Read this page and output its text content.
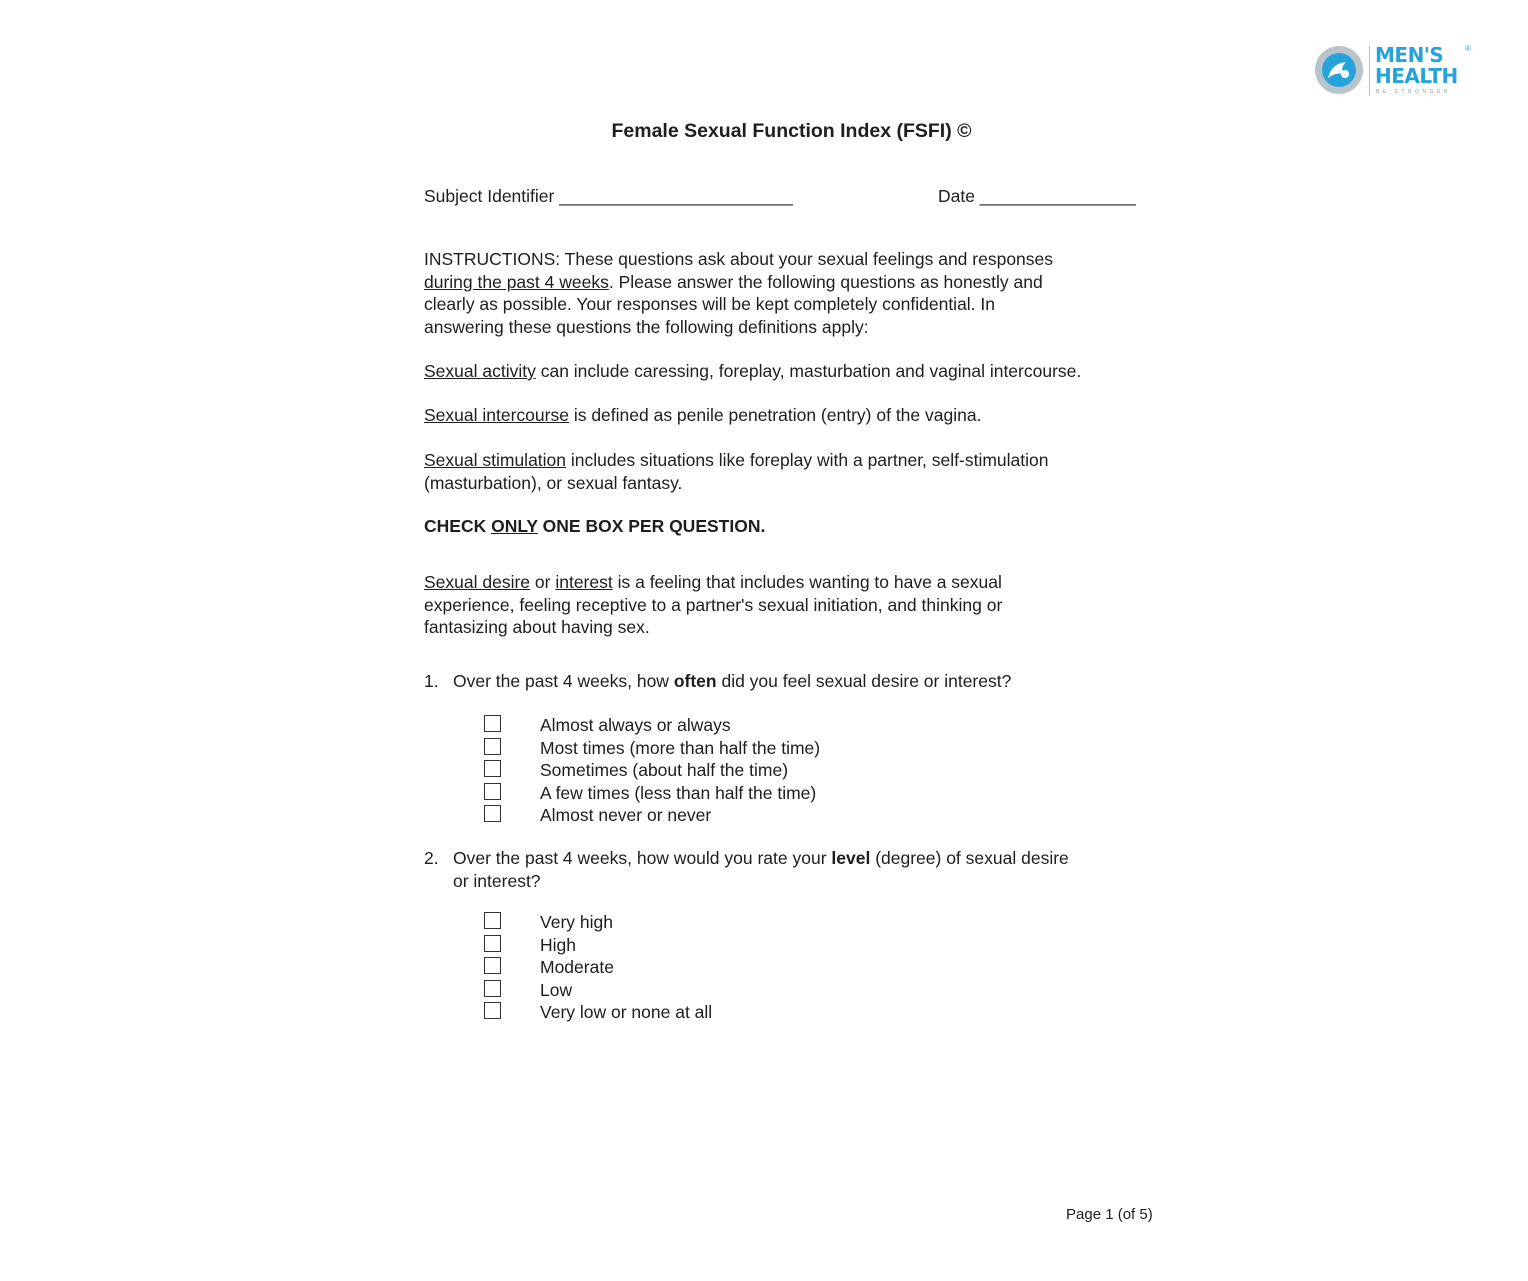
MEN'S	®
HEALTH
BE STRONGER
Female Sexual Function Index (FSFI) ©
Subject Identifier ________________________	Date ________________
INSTRUCTIONS: These questions ask about your sexual feelings and responses
during the past 4 weeks. Please answer the following questions as honestly and
clearly as possible. Your responses will be kept completely confidential. In
answering these questions the following definitions apply:
Sexual activity can include caressing, foreplay, masturbation and vaginal intercourse.
Sexual intercourse is defined as penile penetration (entry) of the vagina.
Sexual stimulation includes situations like foreplay with a partner, self-stimulation
(masturbation), or sexual fantasy.
CHECK ONLY ONE BOX PER QUESTION.
Sexual desire or interest is a feeling that includes wanting to have a sexual
experience, feeling receptive to a partner's sexual initiation, and thinking or
fantasizing about having sex.
1. Over the past 4 weeks, how often did you feel sexual desire or interest?
Almost always or always
Most times (more than half the time)
Sometimes (about half the time)
A few times (less than half the time)
Almost never or never
2. Over the past 4 weeks, how would you rate your level (degree) of sexual desire
or interest?
Very high
High
Moderate
Low
Very low or none at all
Page 1 (of 5)
